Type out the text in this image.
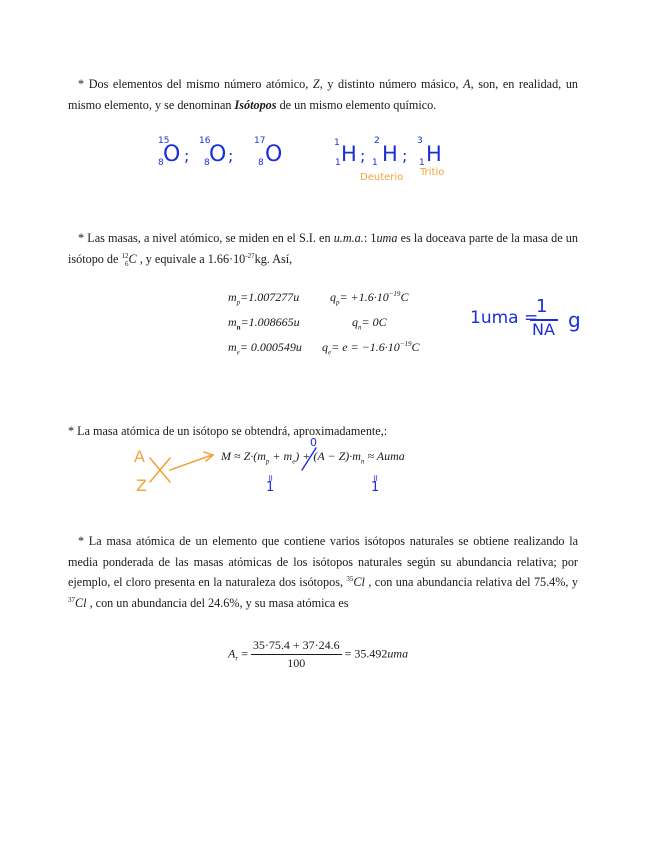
* Dos elementos del mismo número atómico, Z, y distinto número másico, A, son, en realidad, un mismo elemento, y se denominan Isótopos de un mismo elemento químico.
15
O
8 ;
16
O
8 ;
17
O
8
1 H
1 ;
2
H
1 ;
3
H
1
Deuterio Tritio
* Las masas, a nivel atómico, se miden en el S.I. en u.m.a.: 1uma es la doceava parte de la masa de un isótopo de 12
6 C , y equivale a $1.66\cdot 10^{-27}kg$. Así,
$m_p=1.007277u$	$q_p= +1.6\cdot 10^{-19}C$
$m_n=1.008665u$	$q_n= 0C$
$m_e= 0.000549u$ $q_e= e = -1.6\cdot 10^{-19}C$
1uma =
1
NA g
* La masa atómica de un isótopo se obtendrá, aproximadamente,:
$M \approx Z\cdot(m_p + m_e) + (A - Z)\cdot m_n$ ≈ Auma
A
Z
0
=
1
=
1
* La masa atómica de un elemento que contiene varios isótopos naturales se obtiene realizando la media ponderada de las masas atómicas de los isótopos naturales según su abundancia relativa; por ejemplo, el cloro presenta en la naturaleza dos isótopos, $^{35}$Cl , con una abundancia relativa del 75.4%, y $^{37}$Cl , con un abundancia del 24.6%, y su masa atómica es
$A_r = \frac{35\cdot 75.4 + 37\cdot 24.6}{100} = 35.492uma$
